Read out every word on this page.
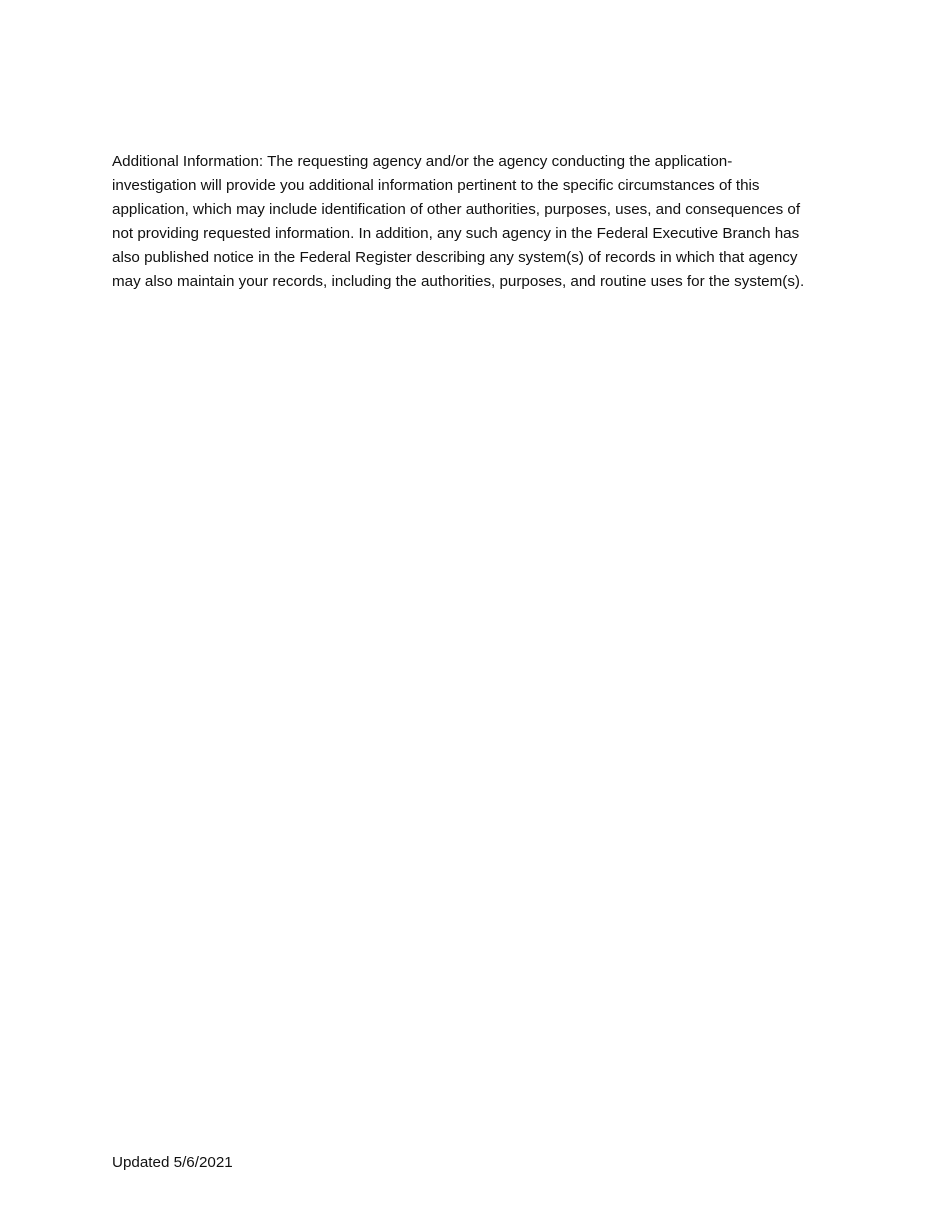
Additional Information: The requesting agency and/or the agency conducting the application-
investigation will provide you additional information pertinent to the specific circumstances of this
application, which may include identification of other authorities, purposes, uses, and consequences of
not providing requested information. In addition, any such agency in the Federal Executive Branch has
also published notice in the Federal Register describing any system(s) of records in which that agency
may also maintain your records, including the authorities, purposes, and routine uses for the system(s).

Updated 5/6/2021
